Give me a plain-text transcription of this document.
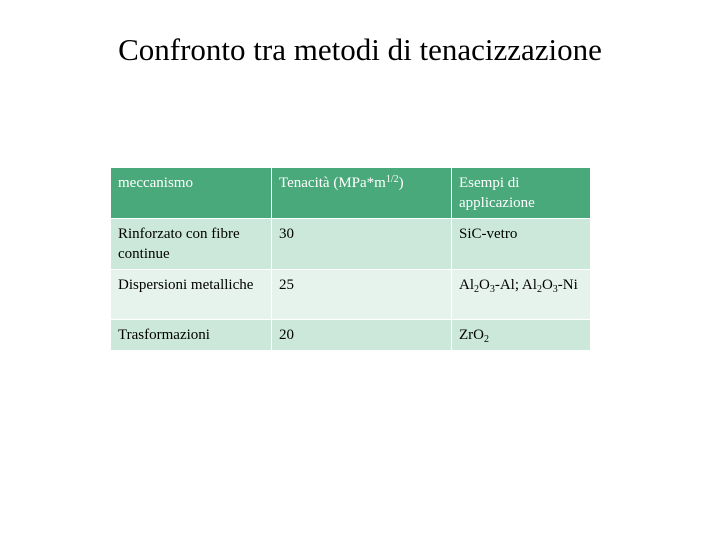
Confronto tra metodi di tenacizzazione
meccanismo	Tenacità $(MPa*m^{1/2})$	Esempi di applicazione
Rinforzato con fibre continue	30	SiC-vetro
Dispersioni metalliche	25	$Al_2O_3-Al$; $Al_2O_3-Ni$
Trasformazioni	20	ZrO$_2$
